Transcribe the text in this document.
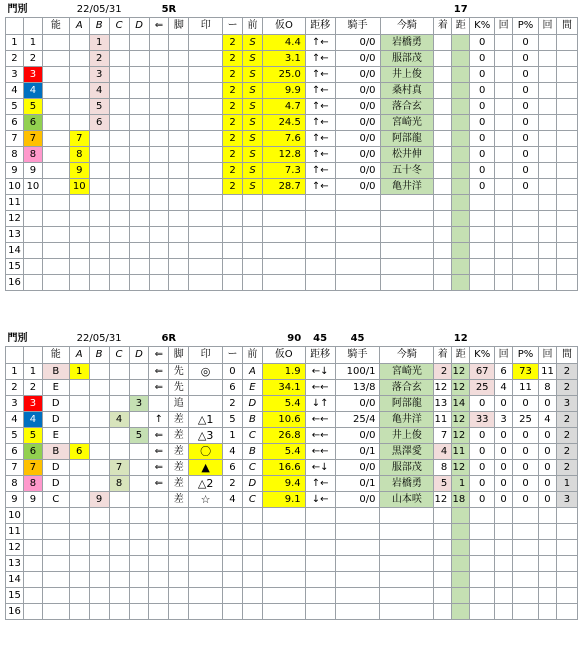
門別			22/05/31				5R										17					
		能	A	B	C	D	⇐	脚	印	ー	前	仮O	距移	騎手	今騎	着	距	K%	回	P%	回	間
1	1			1						2	S	4.4	↑←	0/0	岩橋勇			0		0		
2	2			2						2	S	3.1	↑←	0/0	服部茂			0		0		
3	3			3						2	S	25.0	↑←	0/0	井上俊			0		0		
4	4			4						2	S	9.9	↑←	0/0	桑村真			0		0		
5	5			5						2	S	4.7	↑←	0/0	落合玄			0		0		
6	6			6						2	S	24.5	↑←	0/0	宮崎光			0		0		
7	7		7							2	S	7.6	↑←	0/0	阿部龍			0		0		
8	8		8							2	S	12.8	↑←	0/0	松井伸			0		0		
9	9		9							2	S	7.3	↑←	0/0	五十冬			0		0		
10	10		10							2	S	28.7	↑←	0/0	亀井洋			0		0		
11																						
12																						
13																						
14																						
15																						
16																						
門別			22/05/31				6R					90	45	45			12					
		能	A	B	C	D	⇐	脚	印	ー	前	仮O	距移	騎手	今騎	着	距	K%	回	P%	回	間
1	1	B	1				⇐	先	◎	0	A	1.9	←↓	100/1	宮崎光	2	12	67	6	73	11	2
2	2	E					⇐	先		6	E	34.1	←←	13/8	落合玄	12	12	25	4	11	8	2
3	3	D				3		追		2	D	5.4	↓↑	0/0	阿部龍	13	14	0	0	0	0	3
4	4	D			4		↑	差	△1	5	B	10.6	←←	25/4	亀井洋	11	12	33	3	25	4	2
5	5	E				5	⇐	差	△3	1	C	26.8	←←	0/0	井上俊	7	12	0	0	0	0	2
6	6	B	6				⇐	差	〇	4	B	5.4	←←	0/1	黒澤愛	4	11	0	0	0	0	2
7	7	D			7		⇐	差	▲	6	C	16.6	←↓	0/0	服部茂	8	12	0	0	0	0	2
8	8	D			8		⇐	差	△2	2	D	9.4	↑←	0/1	岩橋勇	5	1	0	0	0	0	1
9	9	C		9				差	☆	4	C	9.1	↓←	0/0	山本咲	12	18	0	0	0	0	3
10																						
11																						
12																						
13																						
14																						
15																						
16																						
